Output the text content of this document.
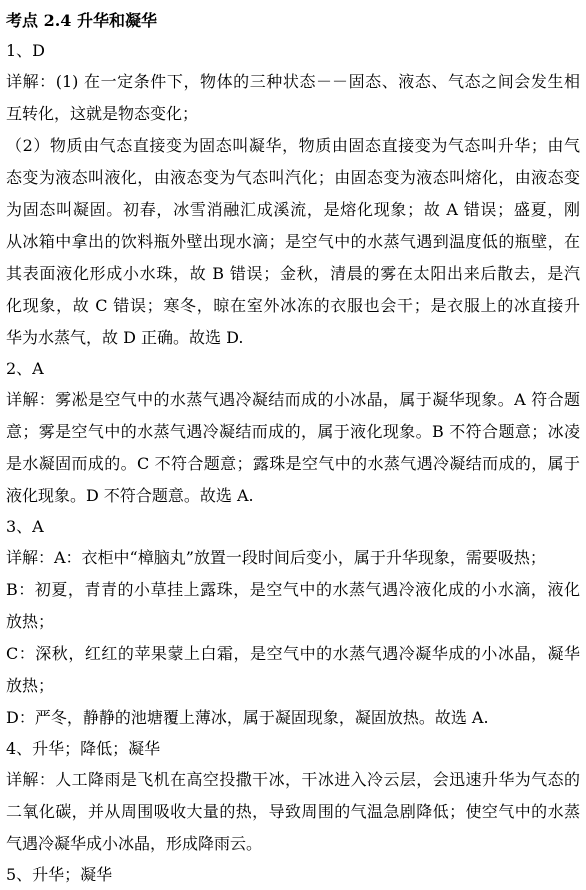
考点 2.4 升华和凝华
1、D
详解：(1) 在一定条件下，物体的三种状态－－固态、液态、气态之间会发生相
互转化，这就是物态变化；
（2）物质由气态直接变为固态叫凝华，物质由固态直接变为气态叫升华；由气
态变为液态叫液化，由液态变为气态叫汽化；由固态变为液态叫熔化，由液态变
为固态叫凝固。初春，冰雪消融汇成溪流，是熔化现象；故 A 错误；盛夏，刚
从冰箱中拿出的饮料瓶外壁出现水滴；是空气中的水蒸气遇到温度低的瓶壁，在
其表面液化形成小水珠，故 B 错误；金秋，清晨的雾在太阳出来后散去，是汽
化现象，故 C 错误；寒冬，晾在室外冰冻的衣服也会干；是衣服上的冰直接升
华为水蒸气，故 D 正确。故选 D.
2、A
详解：雾凇是空气中的水蒸气遇冷凝结而成的小冰晶，属于凝华现象。A 符合题
意；雾是空气中的水蒸气遇冷凝结而成的，属于液化现象。B 不符合题意；冰凌
是水凝固而成的。C 不符合题意；露珠是空气中的水蒸气遇冷凝结而成的，属于
液化现象。D 不符合题意。故选 A.
3、A
详解：A：衣柜中“樟脑丸”放置一段时间后变小，属于升华现象，需要吸热；
B：初夏，青青的小草挂上露珠，是空气中的水蒸气遇冷液化成的小水滴，液化
放热；
C：深秋，红红的苹果蒙上白霜，是空气中的水蒸气遇冷凝华成的小冰晶，凝华
放热；
D：严冬，静静的池塘覆上薄冰，属于凝固现象，凝固放热。故选 A.
4、升华；降低；凝华
详解：人工降雨是飞机在高空投撒干冰，干冰进入冷云层，会迅速升华为气态的
二氧化碳，并从周围吸收大量的热，导致周围的气温急剧降低；使空气中的水蒸
气遇冷凝华成小冰晶，形成降雨云。
5、升华；凝华
